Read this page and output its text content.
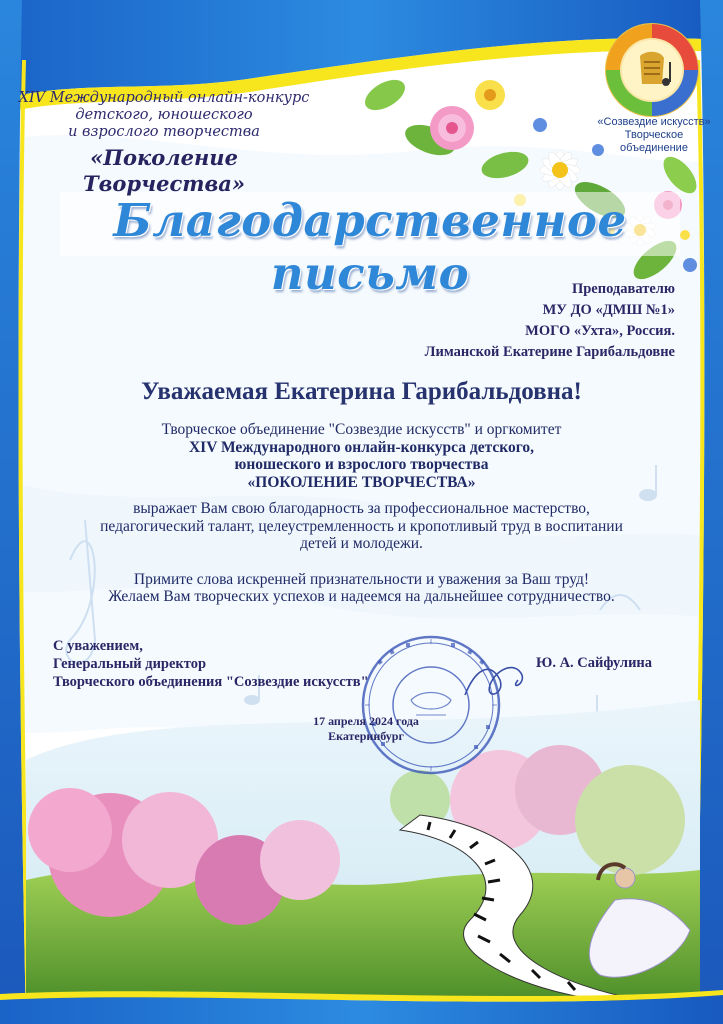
XIV Международный онлайн-конкурс
детского, юношеского
и взрослого творчества
«Поколение Творчества»
«Созвездие искусств»
Творческое объединение
Благодарственное письмо	Преподавателю
МУ ДО «ДМШ №1»
МОГО «Ухта», Россия.
Лиманской Екатерине Гарибальдовне
Уважаемая Екатерина Гарибальдовна!
Творческое объединение "Созвездие искусств" и оргкомитет
XIV Международного онлайн-конкурса детского,
юношеского и взрослого творчества
«ПОКОЛЕНИЕ ТВОРЧЕСТВА»
выражает Вам свою благодарность за профессиональное мастерство,
педагогический талант, целеустремленность и кропотливый труд в воспитании
детей и молодежи.
Примите слова искренней признательности и уважения за Ваш труд!
Желаем Вам творческих успехов и надеемся на дальнейшее сотрудничество.
С уважением,
Генеральный директор
Творческого объединения "Созвездие искусств"
Ю. А. Сайфулина
17 апреля 2024 года
Екатеринбург
